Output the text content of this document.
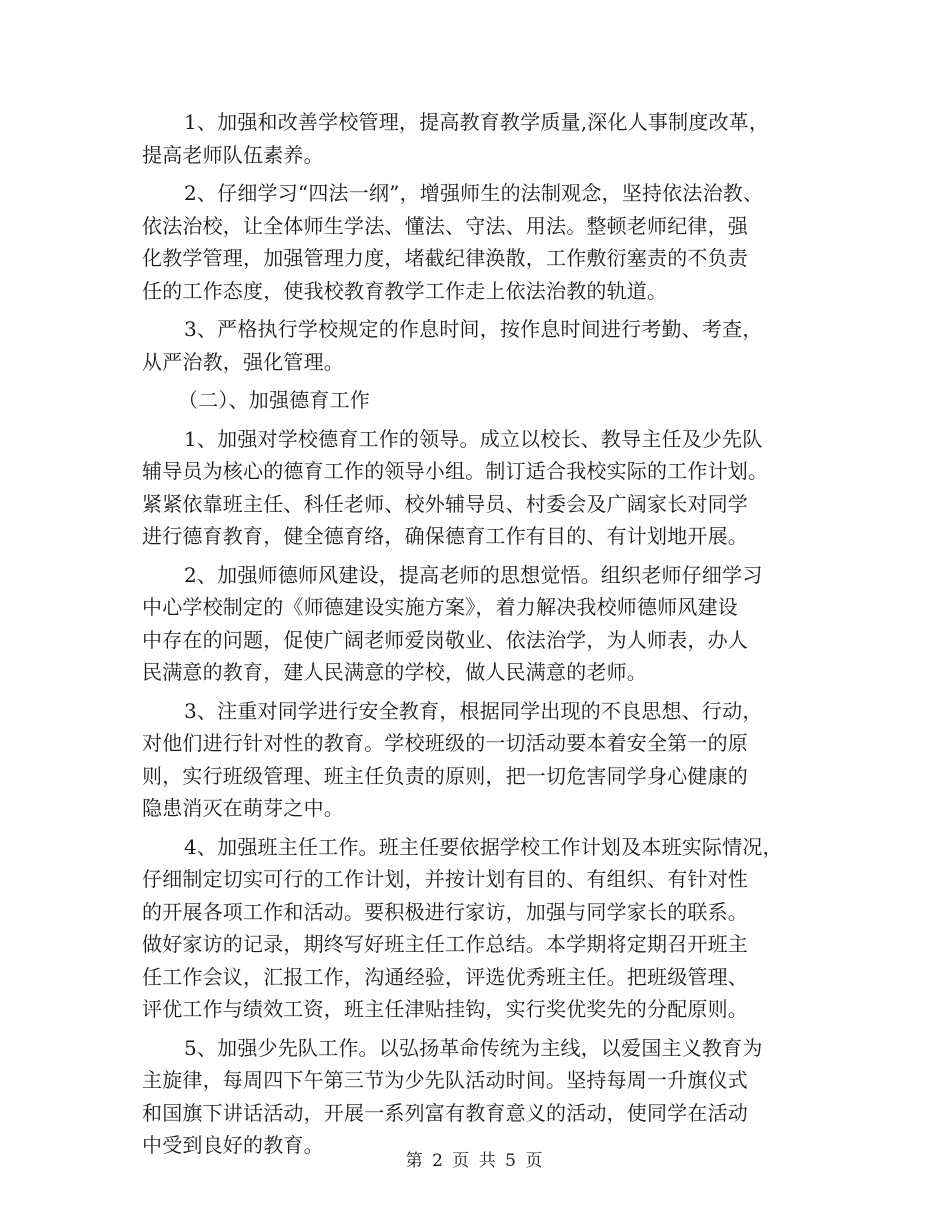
1、加强和改善学校管理，提高教育教学质量,深化人事制度改革，
提高老师队伍素养。
2、仔细学习“四法一纲”，增强师生的法制观念，坚持依法治教、
依法治校，让全体师生学法、懂法、守法、用法。整顿老师纪律，强
化教学管理，加强管理力度，堵截纪律涣散，工作敷衍塞责的不负责
任的工作态度，使我校教育教学工作走上依法治教的轨道。
3、严格执行学校规定的作息时间，按作息时间进行考勤、考查，
从严治教，强化管理。
（二）、加强德育工作
1、加强对学校德育工作的领导。成立以校长、教导主任及少先队
辅导员为核心的德育工作的领导小组。制订适合我校实际的工作计划。
紧紧依靠班主任、科任老师、校外辅导员、村委会及广阔家长对同学
进行德育教育，健全德育络，确保德育工作有目的、有计划地开展。
2、加强师德师风建设，提高老师的思想觉悟。组织老师仔细学习
中心学校制定的《师德建设实施方案》，着力解决我校师德师风建设
中存在的问题，促使广阔老师爱岗敬业、依法治学，为人师表，办人
民满意的教育，建人民满意的学校，做人民满意的老师。
3、注重对同学进行安全教育，根据同学出现的不良思想、行动，
对他们进行针对性的教育。学校班级的一切活动要本着安全第一的原
则，实行班级管理、班主任负责的原则，把一切危害同学身心健康的
隐患消灭在萌芽之中。
4、加强班主任工作。班主任要依据学校工作计划及本班实际情况，
仔细制定切实可行的工作计划，并按计划有目的、有组织、有针对性
的开展各项工作和活动。要积极进行家访，加强与同学家长的联系。
做好家访的记录，期终写好班主任工作总结。本学期将定期召开班主
任工作会议，汇报工作，沟通经验，评选优秀班主任。把班级管理、
评优工作与绩效工资，班主任津贴挂钩，实行奖优奖先的分配原则。
5、加强少先队工作。以弘扬革命传统为主线，以爱国主义教育为
主旋律，每周四下午第三节为少先队活动时间。坚持每周一升旗仪式
和国旗下讲话活动，开展一系列富有教育意义的活动，使同学在活动
中受到良好的教育。
第 2 页 共 5 页
